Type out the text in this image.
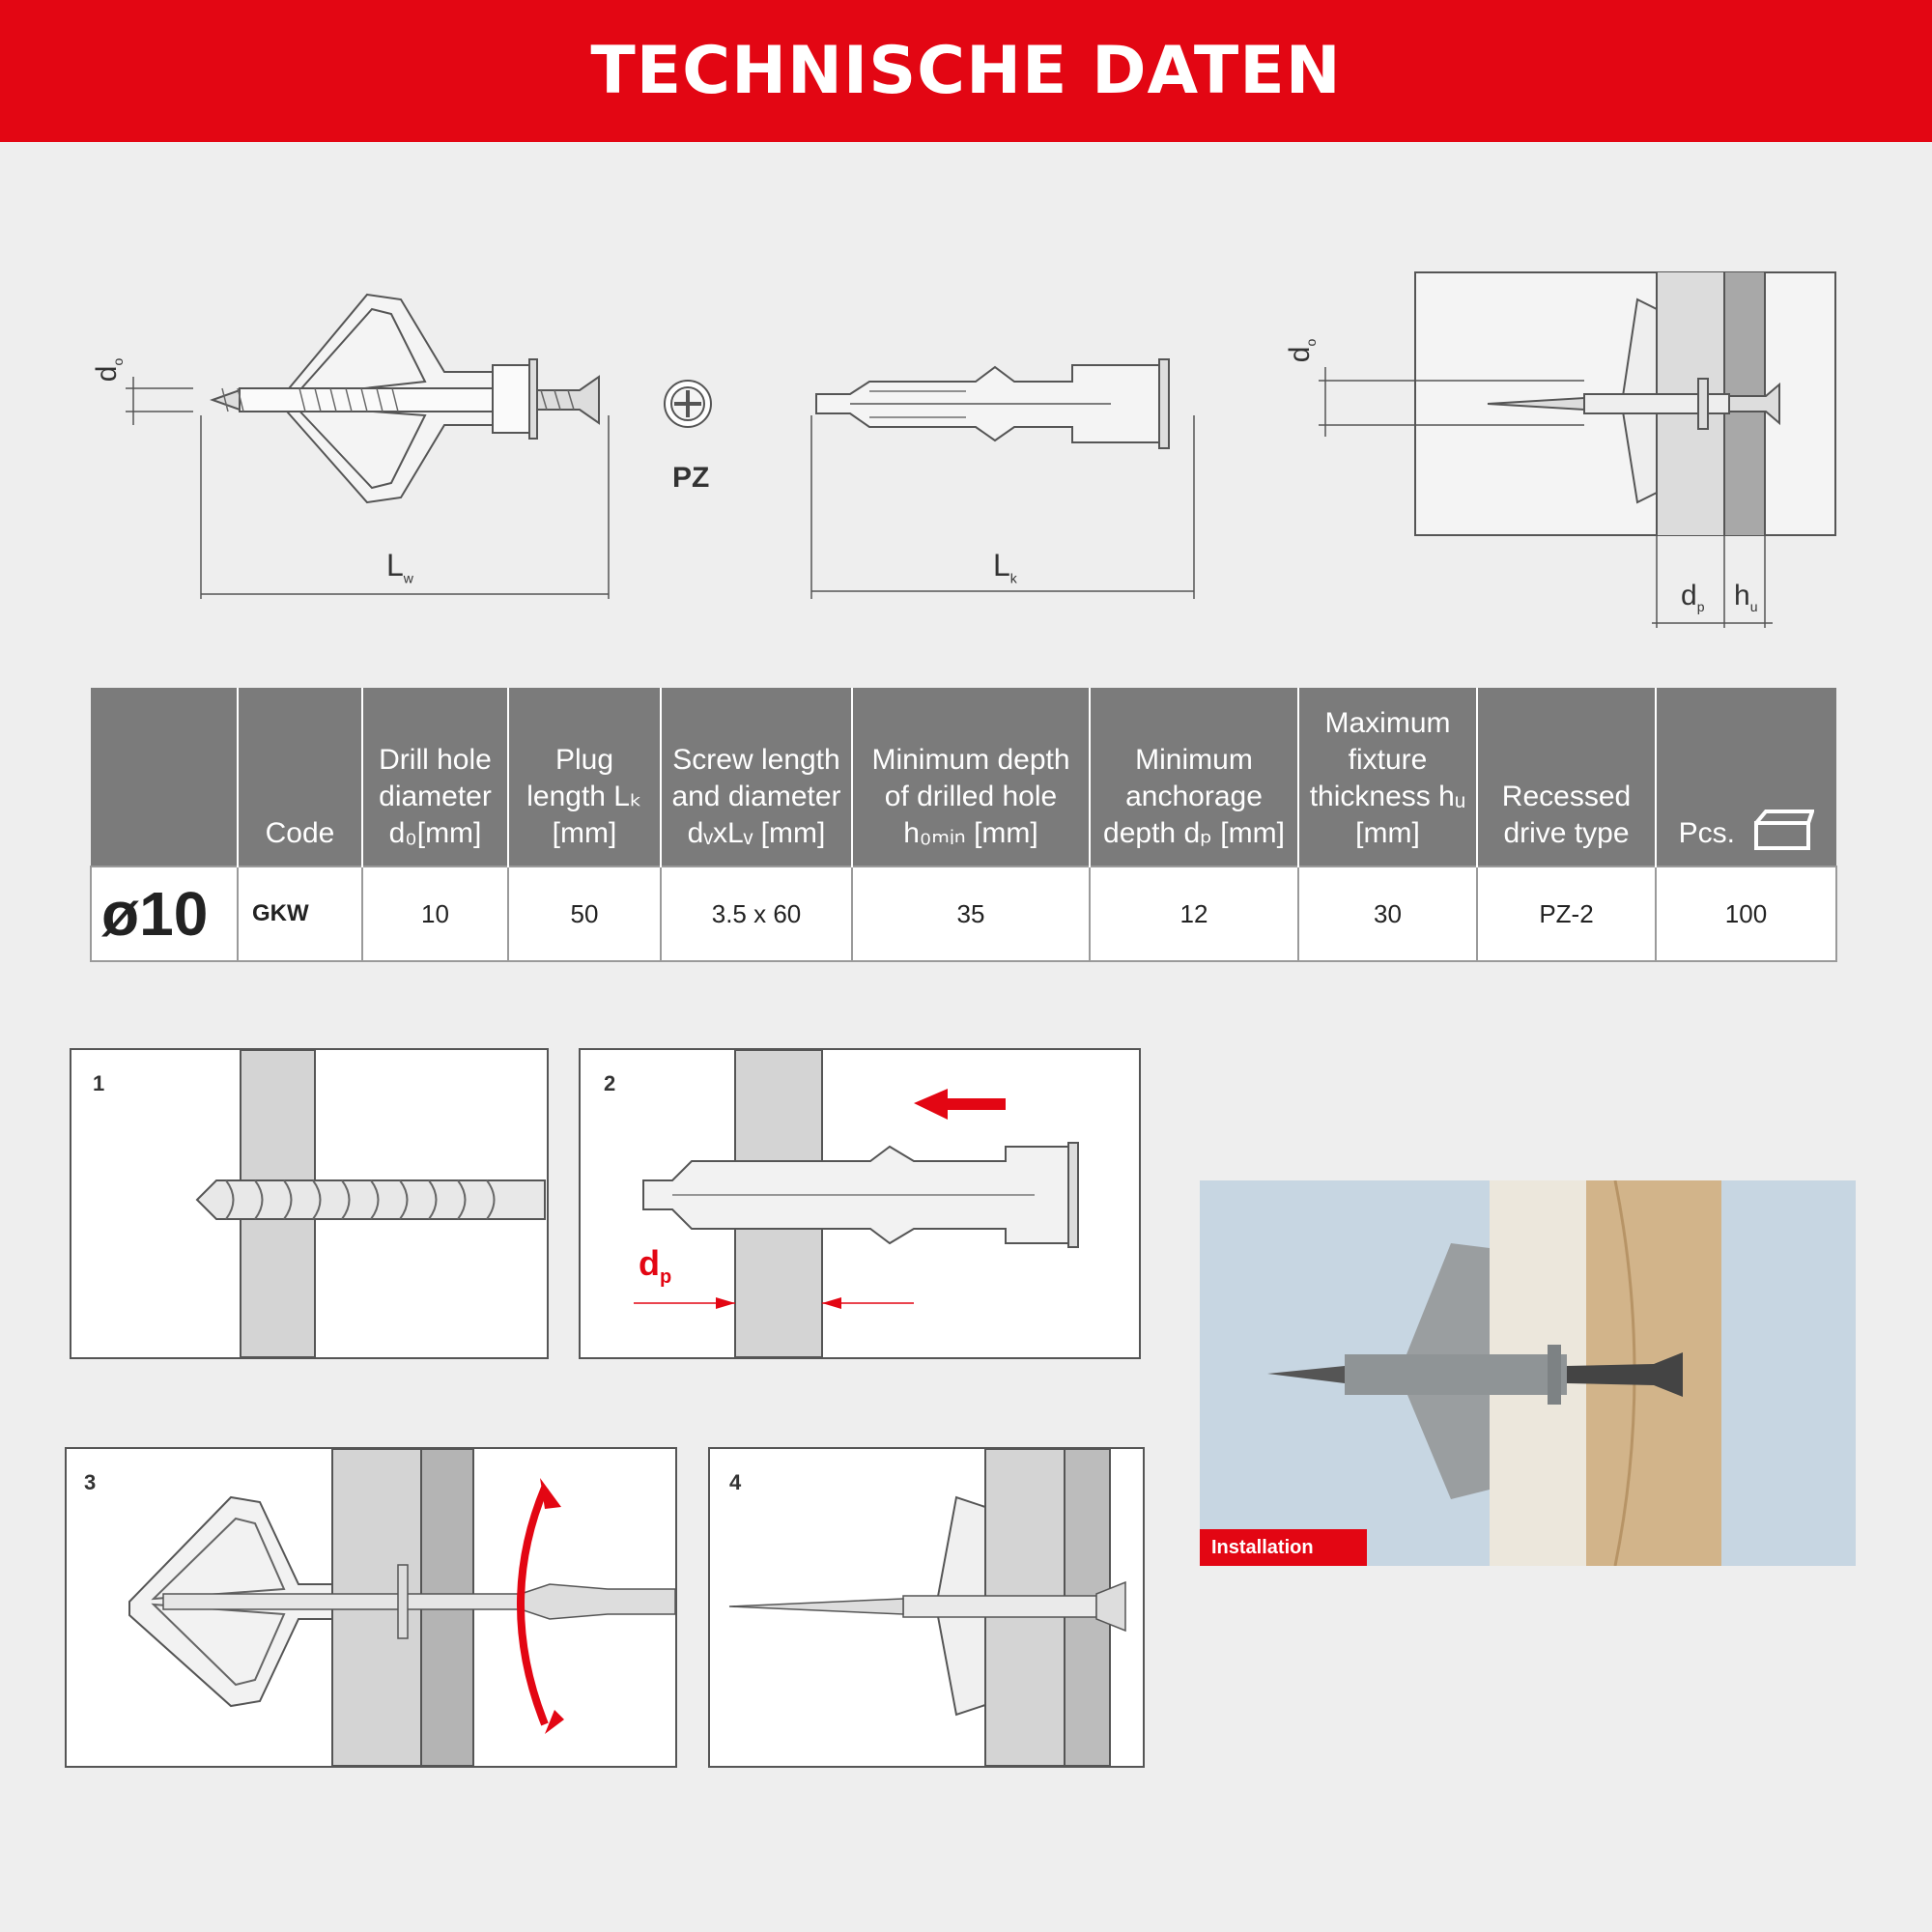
TECHNISCHE DATEN
$d_o$
$L_w$
PZ
$L_k$
$d_o$
$d_p$ $h_u$
	Code	Drill hole diameter d₀[mm]	Plug length Lₖ [mm]	Screw length and diameter dᵥxLᵥ [mm]	Minimum depth of drilled hole h₀ₘᵢₙ [mm]	Minimum anchorage depth dₚ [mm]	Maximum fixture thickness hᵤ [mm]	Recessed drive type	Pcs.
ø10	GKW	10	50	3.5 x 60	35	12	30	PZ-2	100
1	2
$d_p$
3	4
Installation
